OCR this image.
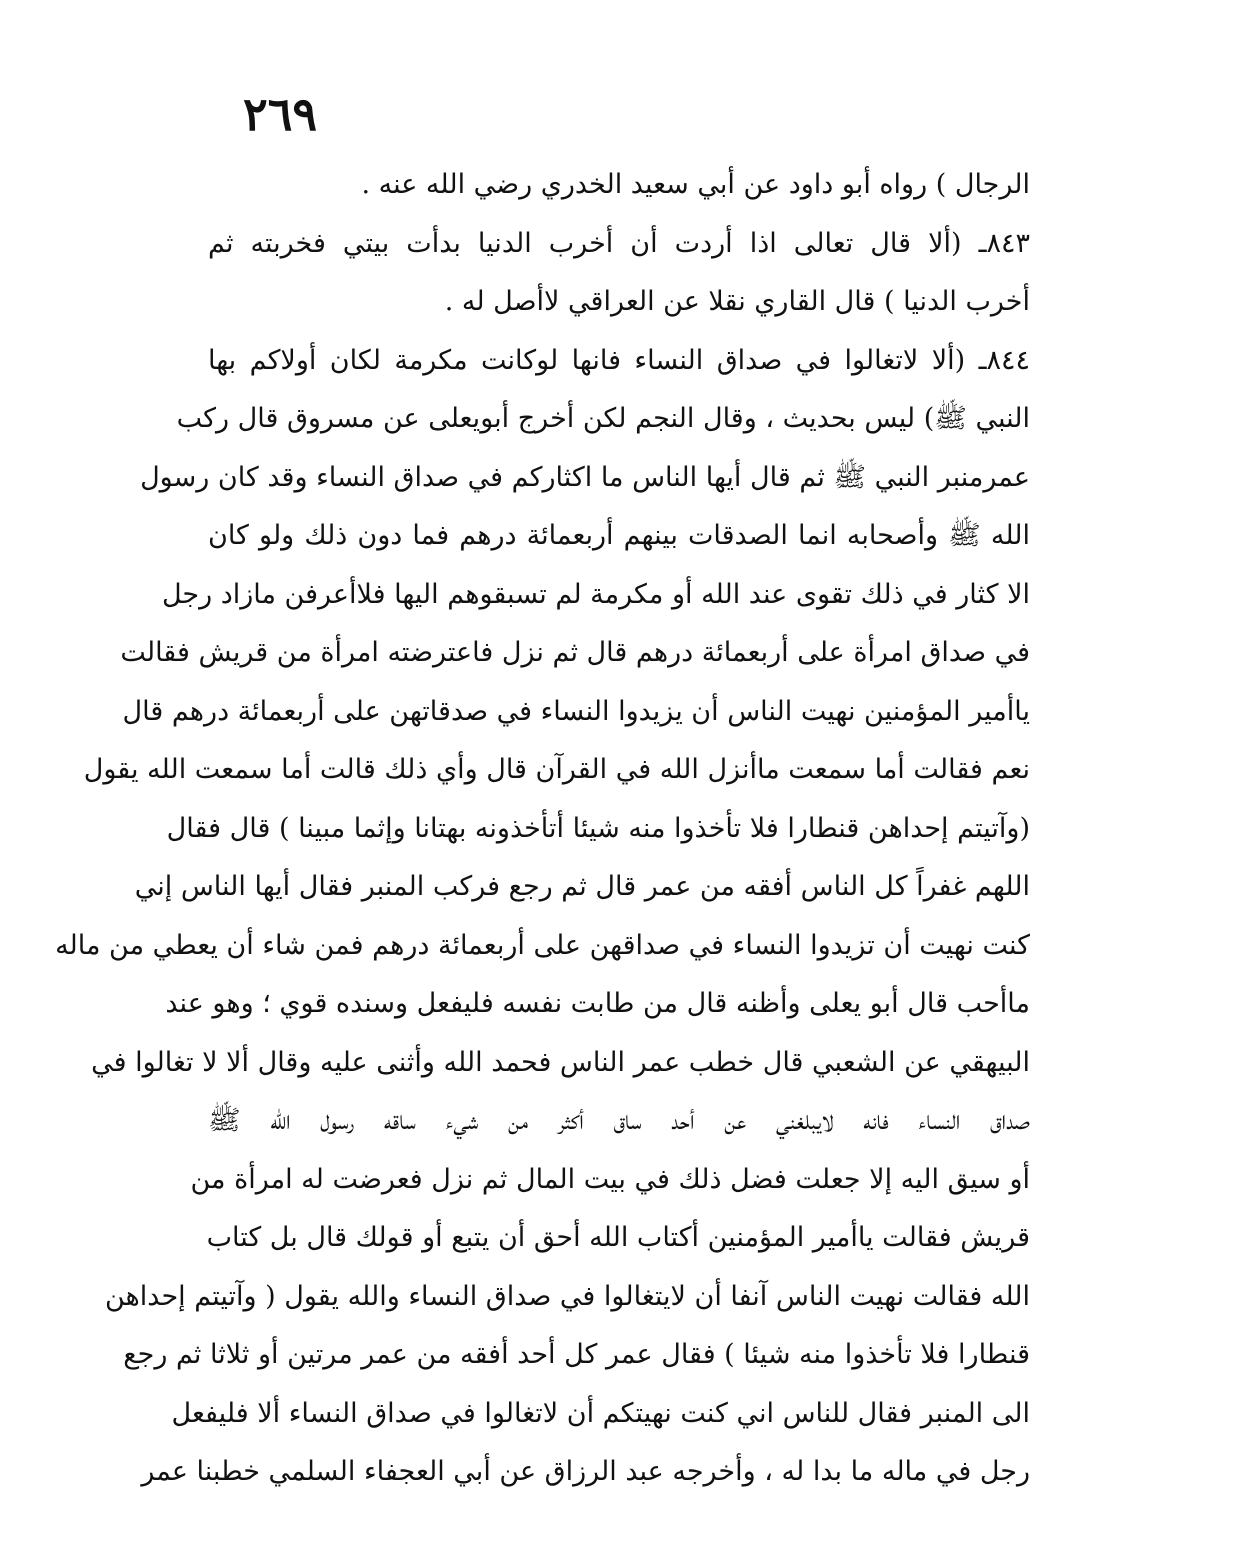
٢٦٩
الرجال ) رواه أبو داود عن أبي سعيد الخدري رضي الله عنه .
٨٤٣ـ (ألا قال تعالى اذا أردت أن أخرب الدنيا بدأت بيتي فخربته ثم
أخرب الدنيا ) قال القاري نقلا عن العراقي لاأصل له .
٨٤٤ـ (ألا لاتغالوا في صداق النساء فانها لوكانت مكرمة لكان أولاكم بها
النبي ﷺ) ليس بحديث ، وقال النجم لكن أخرج أبويعلى عن مسروق قال ركب
عمرمنبر النبي ﷺ ثم قال أيها الناس ما اكثاركم في صداق النساء وقد كان رسول
الله ﷺ وأصحابه انما الصدقات بينهم أربعمائة درهم فما دون ذلك ولو كان
الا كثار في ذلك تقوى عند الله أو مكرمة لم تسبقوهم اليها فلاأعرفن مازاد رجل
في صداق امرأة على أربعمائة درهم قال ثم نزل فاعترضته امرأة من قريش فقالت
ياأمير المؤمنين نهيت الناس أن يزيدوا النساء في صدقاتهن على أربعمائة درهم قال
نعم فقالت أما سمعت ماأنزل الله في القرآن قال وأي ذلك قالت أما سمعت الله يقول
(وآتيتم إحداهن قنطارا فلا تأخذوا منه شيئا أتأخذونه بهتانا وإثما مبينا ) قال فقال
اللهم غفراً كل الناس أفقه من عمر قال ثم رجع فركب المنبر فقال أيها الناس إني
كنت نهيت أن تزيدوا النساء في صداقهن على أربعمائة درهم فمن شاء أن يعطي من ماله
ماأحب قال أبو يعلى وأظنه قال من طابت نفسه فليفعل وسنده قوي ؛ وهو عند
البيهقي عن الشعبي قال خطب عمر الناس فحمد الله وأثنى عليه وقال ألا لا تغالوا في
صداق النساء فانه لايبلغني عن أحد ساق أكثر من شيء ساقه رسول الله ﷺ
أو سيق اليه إلا جعلت فضل ذلك في بيت المال ثم نزل فعرضت له امرأة من
قريش فقالت ياأمير المؤمنين أكتاب الله أحق أن يتبع أو قولك قال بل كتاب
الله فقالت نهيت الناس آنفا أن لايتغالوا في صداق النساء والله يقول ( وآتيتم إحداهن
قنطارا فلا تأخذوا منه شيئا ) فقال عمر كل أحد أفقه من عمر مرتين أو ثلاثا ثم رجع
الى المنبر فقال للناس اني كنت نهيتكم أن لاتغالوا في صداق النساء ألا فليفعل
رجل في ماله ما بدا له ، وأخرجه عبد الرزاق عن أبي العجفاء السلمي خطبنا عمر
